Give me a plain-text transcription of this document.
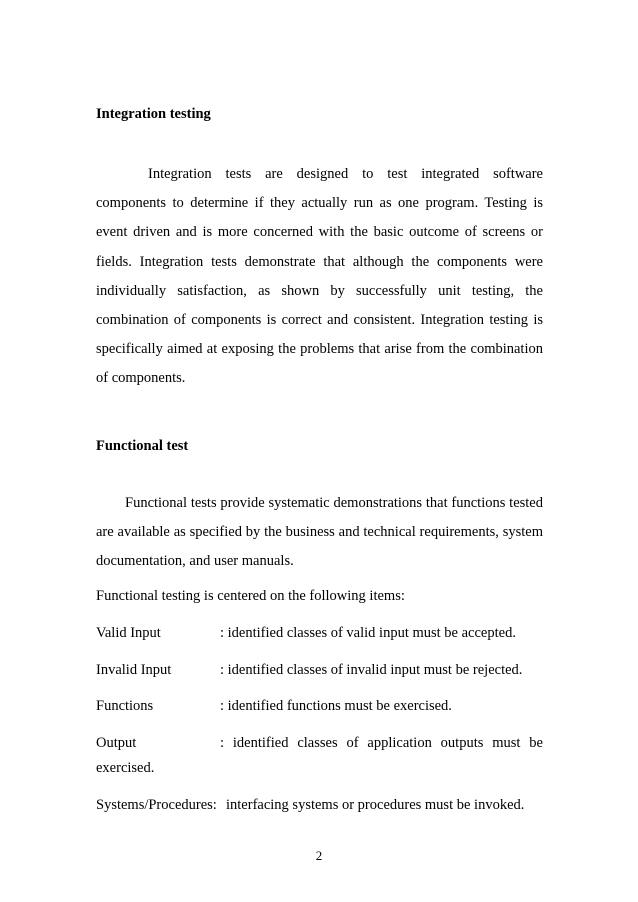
Integration testing

Integration tests are designed to test integrated software components to determine if they actually run as one program. Testing is event driven and is more concerned with the basic outcome of screens or fields. Integration tests demonstrate that although the components were individually satisfaction, as shown by successfully unit testing, the combination of components is correct and consistent. Integration testing is specifically aimed at exposing the problems that arise from the combination of components.

Functional test

Functional tests provide systematic demonstrations that functions tested are available as specified by the business and technical requirements, system documentation, and user manuals.

Functional testing is centered on the following items:

Valid Input	: identified classes of valid input must be accepted.
Invalid Input	: identified classes of invalid input must be rejected.
Functions	: identified functions must be exercised.
Output	: identified classes of application outputs must be
exercised.
Systems/Procedures: interfacing systems or procedures must be invoked.
2
